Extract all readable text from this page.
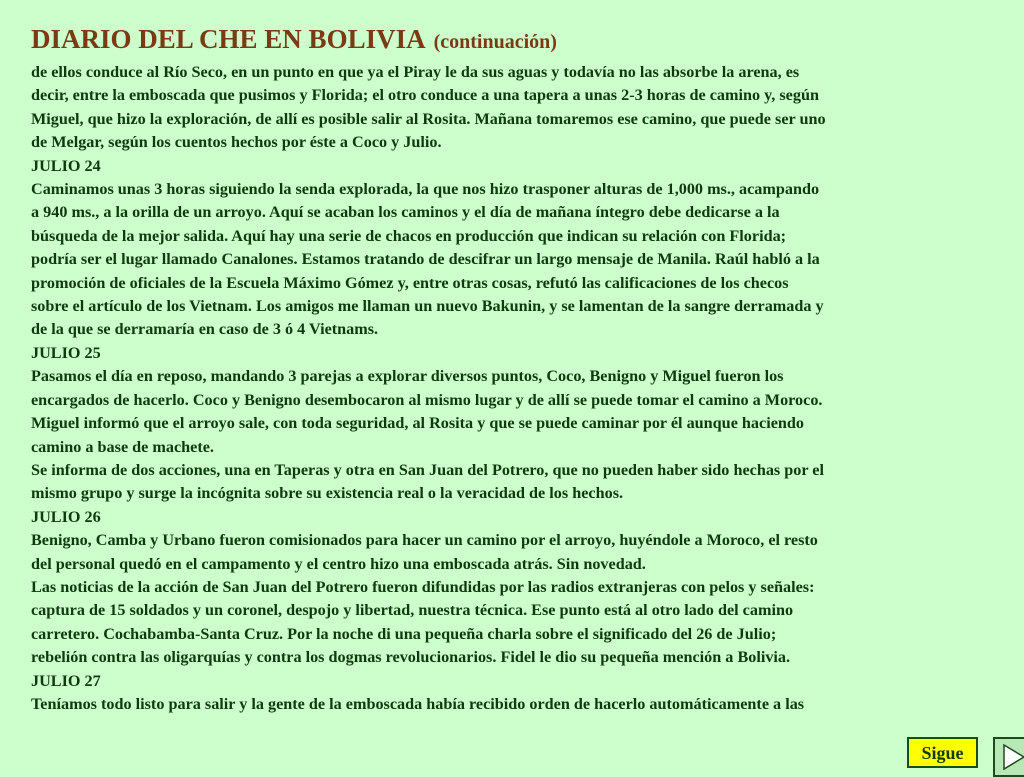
DIARIO DEL CHE EN BOLIVIA (continuación)
de ellos conduce al Río Seco, en un punto en que ya el Piray le da sus aguas y todavía no las absorbe la arena, es
decir, entre la emboscada que pusimos y Florida; el otro conduce a una tapera a unas 2-3 horas de camino y, según
Miguel, que hizo la exploración, de allí es posible salir al Rosita. Mañana tomaremos ese camino, que puede ser uno
de Melgar, según los cuentos hechos por éste a Coco y Julio.
JULIO 24
Caminamos unas 3 horas siguiendo la senda explorada, la que nos hizo trasponer alturas de 1,000 ms., acampando
a 940 ms., a la orilla de un arroyo. Aquí se acaban los caminos y el día de mañana íntegro debe dedicarse a la
búsqueda de la mejor salida. Aquí hay una serie de chacos en producción que indican su relación con Florida;
podría ser el lugar llamado Canalones. Estamos tratando de descifrar un largo mensaje de Manila. Raúl habló a la
promoción de oficiales de la Escuela Máximo Gómez y, entre otras cosas, refutó las calificaciones de los checos
sobre el artículo de los Vietnam. Los amigos me llaman un nuevo Bakunin, y se lamentan de la sangre derramada y
de la que se derramaría en caso de 3 ó 4 Vietnams.
JULIO 25
Pasamos el día en reposo, mandando 3 parejas a explorar diversos puntos, Coco, Benigno y Miguel fueron los
encargados de hacerlo. Coco y Benigno desembocaron al mismo lugar y de allí se puede tomar el camino a Moroco.
Miguel informó que el arroyo sale, con toda seguridad, al Rosita y que se puede caminar por él aunque haciendo
camino a base de machete.
Se informa de dos acciones, una en Taperas y otra en San Juan del Potrero, que no pueden haber sido hechas por el
mismo grupo y surge la incógnita sobre su existencia real o la veracidad de los hechos.
JULIO 26
Benigno, Camba y Urbano fueron comisionados para hacer un camino por el arroyo, huyéndole a Moroco, el resto
del personal quedó en el campamento y el centro hizo una emboscada atrás. Sin novedad.
Las noticias de la acción de San Juan del Potrero fueron difundidas por las radios extranjeras con pelos y señales:
captura de 15 soldados y un coronel, despojo y libertad, nuestra técnica. Ese punto está al otro lado del camino
carretero. Cochabamba-Santa Cruz. Por la noche di una pequeña charla sobre el significado del 26 de Julio;
rebelión contra las oligarquías y contra los dogmas revolucionarios. Fidel le dio su pequeña mención a Bolivia.
JULIO 27
Teníamos todo listo para salir y la gente de la emboscada había recibido orden de hacerlo automáticamente a las
Sigue
